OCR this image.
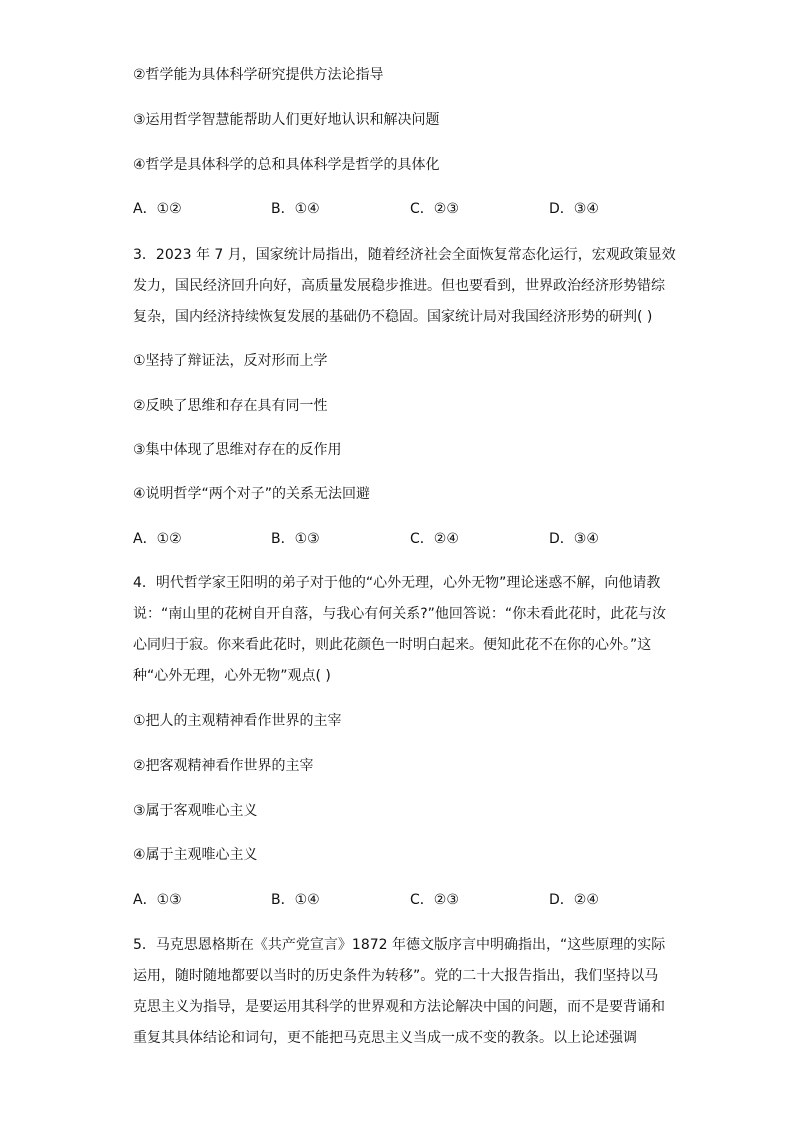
②哲学能为具体科学研究提供方法论指导
③运用哲学智慧能帮助人们更好地认识和解决问题
④哲学是具体科学的总和具体科学是哲学的具体化
A．①②	B．①④	C．②③	D．③④
3．2023 年 7 月，国家统计局指出，随着经济社会全面恢复常态化运行，宏观政策显效
发力，国民经济回升向好，高质量发展稳步推进。但也要看到，世界政治经济形势错综
复杂，国内经济持续恢复发展的基础仍不稳固。国家统计局对我国经济形势的研判( )
①坚持了辩证法，反对形而上学
②反映了思维和存在具有同一性
③集中体现了思维对存在的反作用
④说明哲学“两个对子”的关系无法回避
A．①②	B．①③	C．②④	D．③④
4．明代哲学家王阳明的弟子对于他的“心外无理，心外无物”理论迷惑不解，向他请教
说：“南山里的花树自开自落，与我心有何关系?”他回答说：“你未看此花时，此花与汝
心同归于寂。你来看此花时，则此花颜色一时明白起来。便知此花不在你的心外。”这
种“心外无理，心外无物”观点( )
①把人的主观精神看作世界的主宰
②把客观精神看作世界的主宰
③属于客观唯心主义
④属于主观唯心主义
A．①③	B．①④	C．②③	D．②④
5．马克思恩格斯在《共产党宣言》1872 年德文版序言中明确指出，“这些原理的实际
运用，随时随地都要以当时的历史条件为转移”。党的二十大报告指出，我们坚持以马
克思主义为指导，是要运用其科学的世界观和方法论解决中国的问题，而不是要背诵和
重复其具体结论和词句，更不能把马克思主义当成一成不变的教条。以上论述强调
